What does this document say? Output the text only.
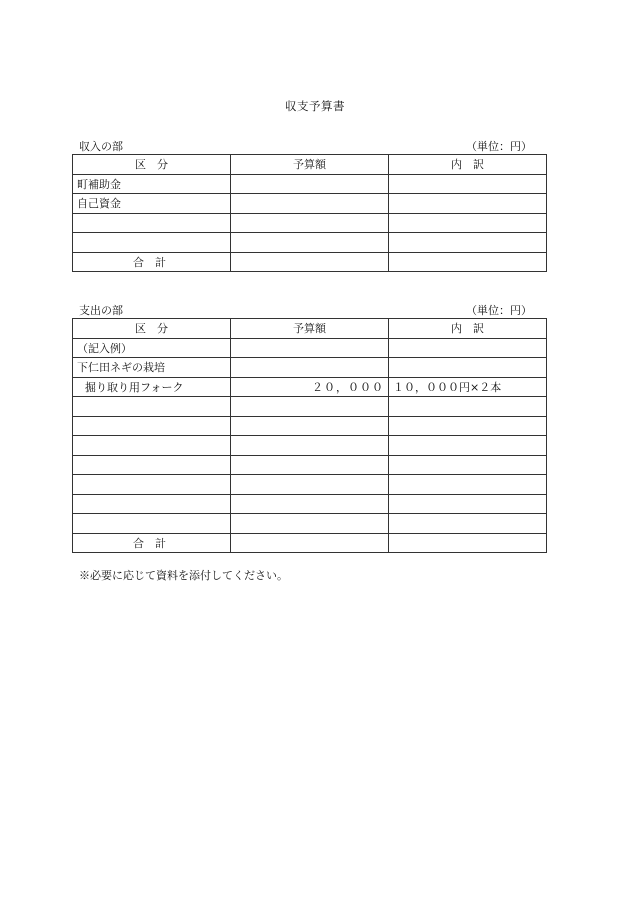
収支予算書
収入の部	（単位：円）
区　分	予算額	内　訳
町補助金		
自己資金		

合　計		
支出の部	（単位：円）
区　分	予算額	内　訳
（記入例）		
下仁田ネギの栽培		
掘り取り用フォーク	２０，０００	１０，０００円×２本

合　計		
※必要に応じて資料を添付してください。
